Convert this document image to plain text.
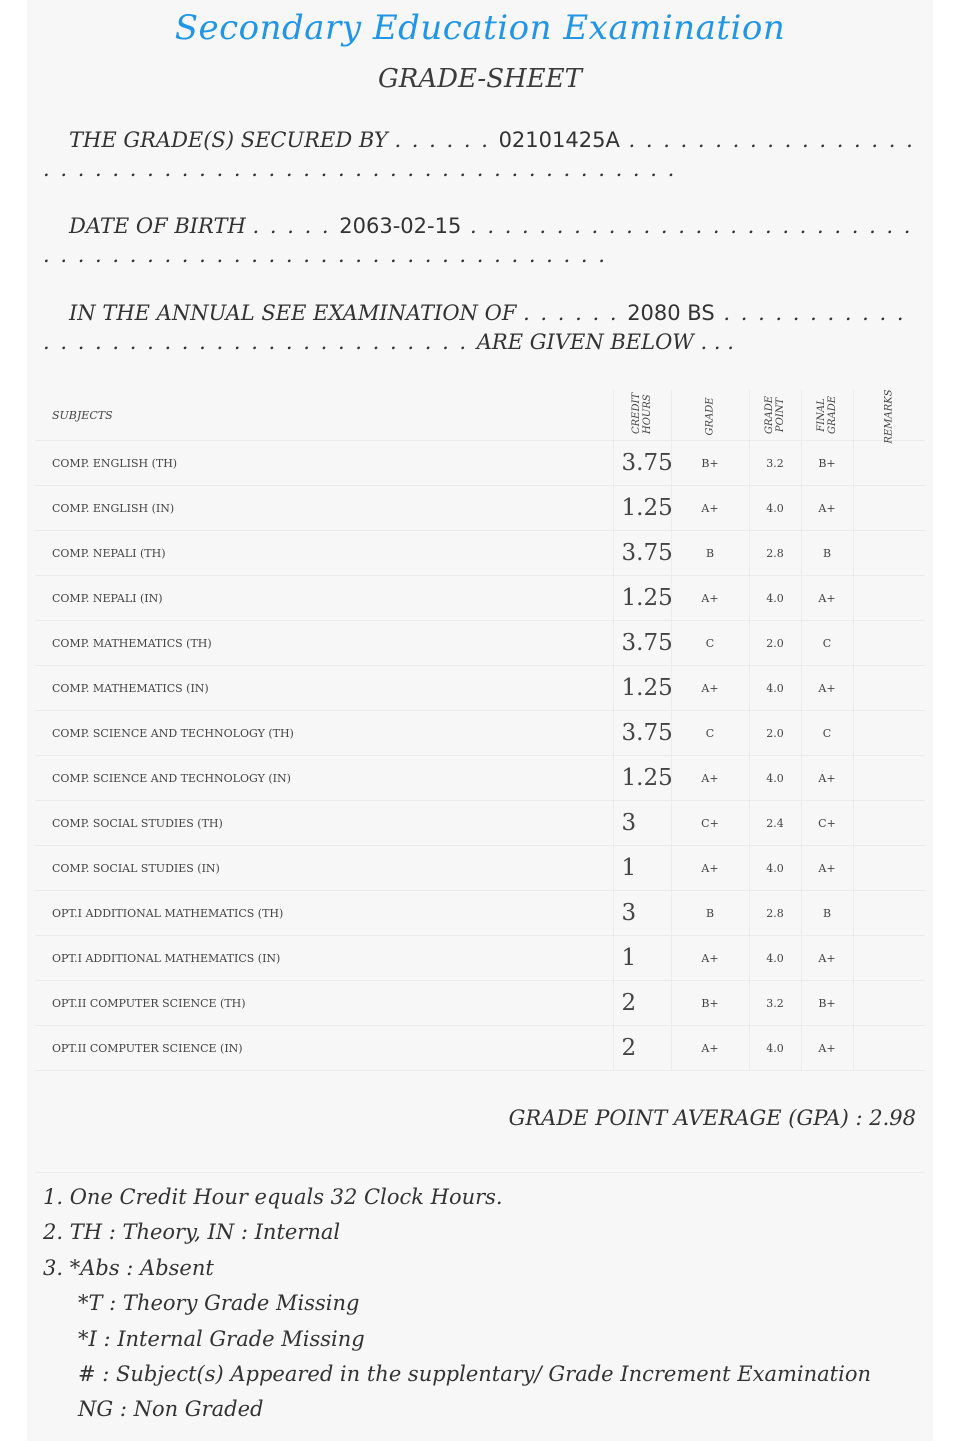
Secondary Education Examination
GRADE-SHEET
THE GRADE(S) SECURED BY . . . . . . 02101425A . . . . . . . . . . . . . . . . . . . . . . . . . . . . . . . . . . . . . . . . . . . . . . . . . . . . . .
DATE OF BIRTH . . . . . 2063-02-15 . . . . . . . . . . . . . . . . . . . . . . . . . . . . . . . . . . . . . . . . . . . . . . . . . . . . . . . . . . .
IN THE ANNUAL SEE EXAMINATION OF . . . . . . 2080 BS . . . . . . . . . . . . . . . . . . . . . . . . . . . . . . . . . . . . ARE GIVEN BELOW . . .
SUBJECTS	CREDIT HOURS	GRADE	GRADE POINT	FINAL GRADE	REMARKS
COMP. ENGLISH (TH)	3.75	B+	3.2	B+	
COMP. ENGLISH (IN)	1.25	A+	4.0	A+	
COMP. NEPALI (TH)	3.75	B	2.8	B	
COMP. NEPALI (IN)	1.25	A+	4.0	A+	
COMP. MATHEMATICS (TH)	3.75	C	2.0	C	
COMP. MATHEMATICS (IN)	1.25	A+	4.0	A+	
COMP. SCIENCE AND TECHNOLOGY (TH)	3.75	C	2.0	C	
COMP. SCIENCE AND TECHNOLOGY (IN)	1.25	A+	4.0	A+	
COMP. SOCIAL STUDIES (TH)	3	C+	2.4	C+	
COMP. SOCIAL STUDIES (IN)	1	A+	4.0	A+	
OPT.I ADDITIONAL MATHEMATICS (TH)	3	B	2.8	B	
OPT.I ADDITIONAL MATHEMATICS (IN)	1	A+	4.0	A+	
OPT.II COMPUTER SCIENCE (TH)	2	B+	3.2	B+	
OPT.II COMPUTER SCIENCE (IN)	2	A+	4.0	A+	
GRADE POINT AVERAGE (GPA) : 2.98
1. One Credit Hour equals 32 Clock Hours.
2. TH : Theory, IN : Internal
3. *Abs : Absent
*T : Theory Grade Missing
*I : Internal Grade Missing
# : Subject(s) Appeared in the supplentary/ Grade Increment Examination
NG : Non Graded
